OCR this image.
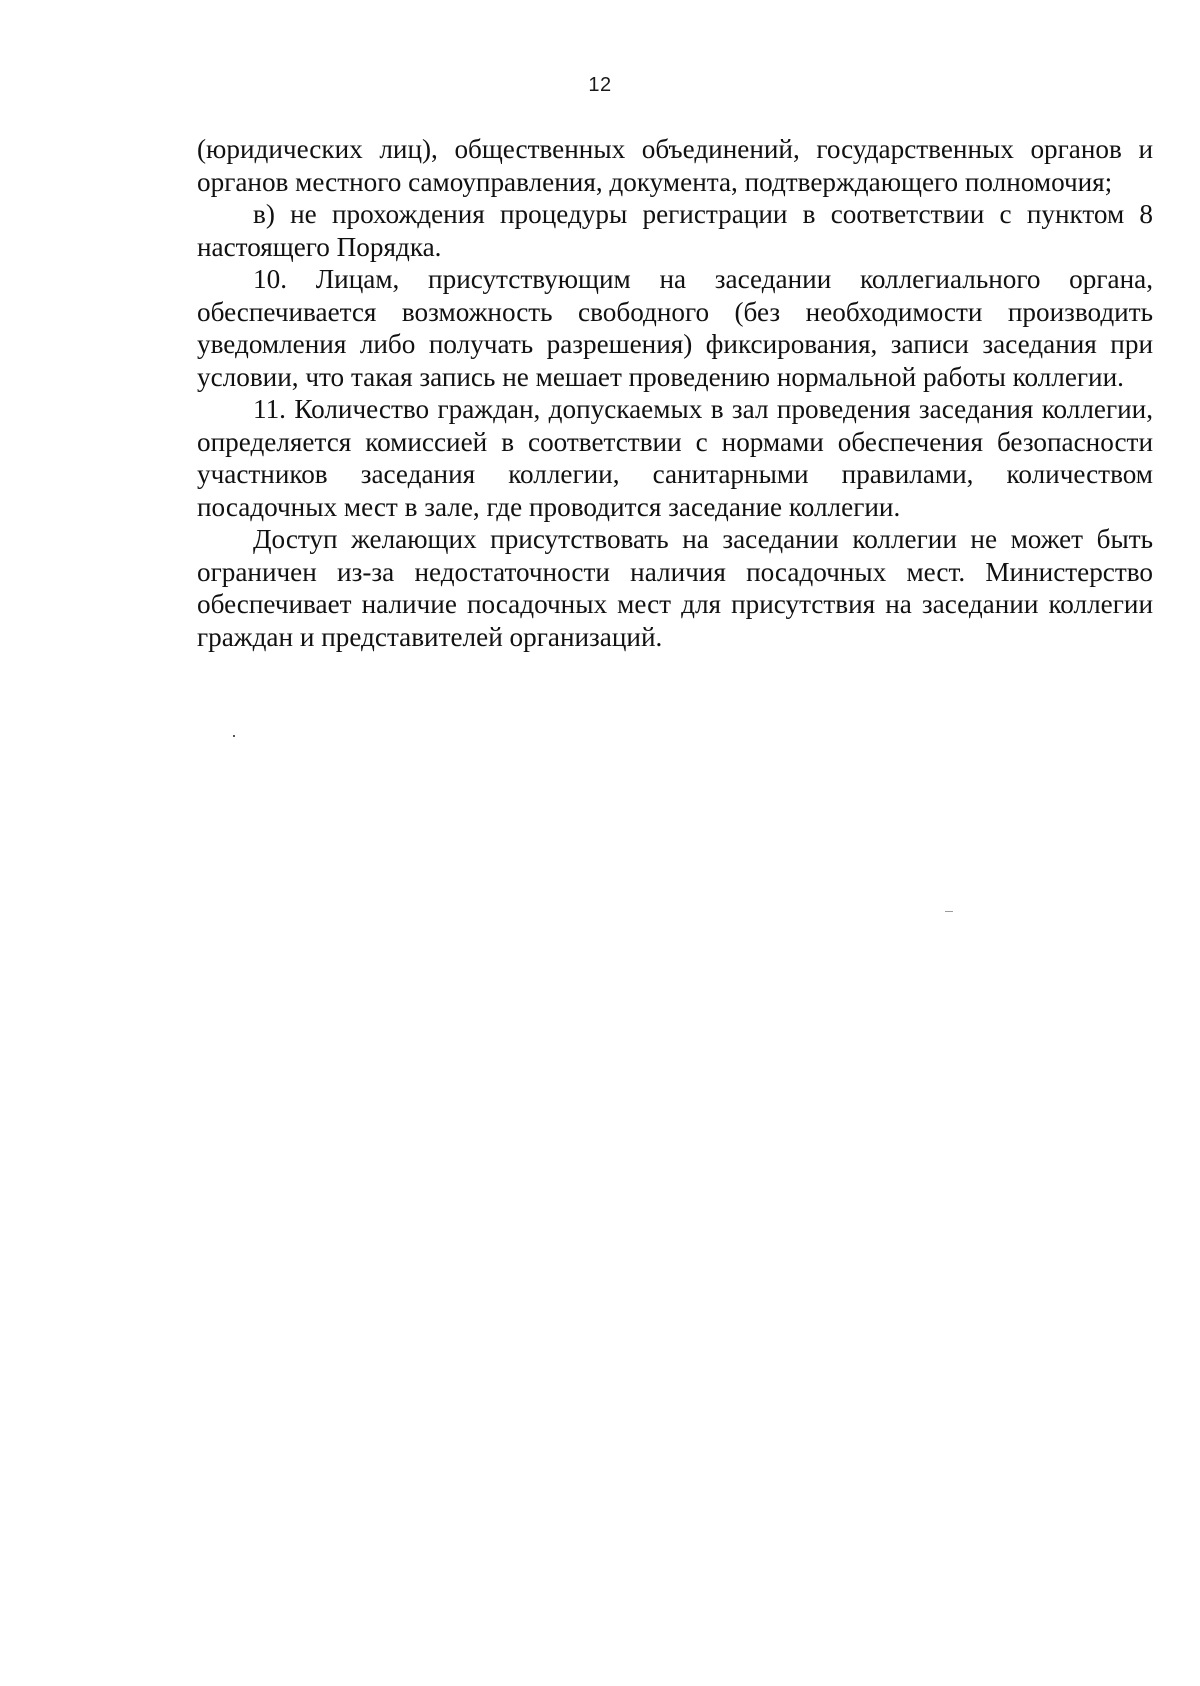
12

(юридических лиц), общественных объединений, государственных органов и органов местного самоуправления, документа, подтверждающего полномочия;

в) не прохождения процедуры регистрации в соответствии с пунктом 8 настоящего Порядка.

10. Лицам, присутствующим на заседании коллегиального органа, обеспечивается возможность свободного (без необходимости производить уведомления либо получать разрешения) фиксирования, записи заседания при условии, что такая запись не мешает проведению нормальной работы коллегии.

11. Количество граждан, допускаемых в зал проведения заседания коллегии, определяется комиссией в соответствии с нормами обеспечения безопасности участников заседания коллегии, санитарными правилами, количеством посадочных мест в зале, где проводится заседание коллегии.

Доступ желающих присутствовать на заседании коллегии не может быть ограничен из-за недостаточности наличия посадочных мест. Министерство обеспечивает наличие посадочных мест для присутствия на заседании коллегии граждан и представителей организаций.
